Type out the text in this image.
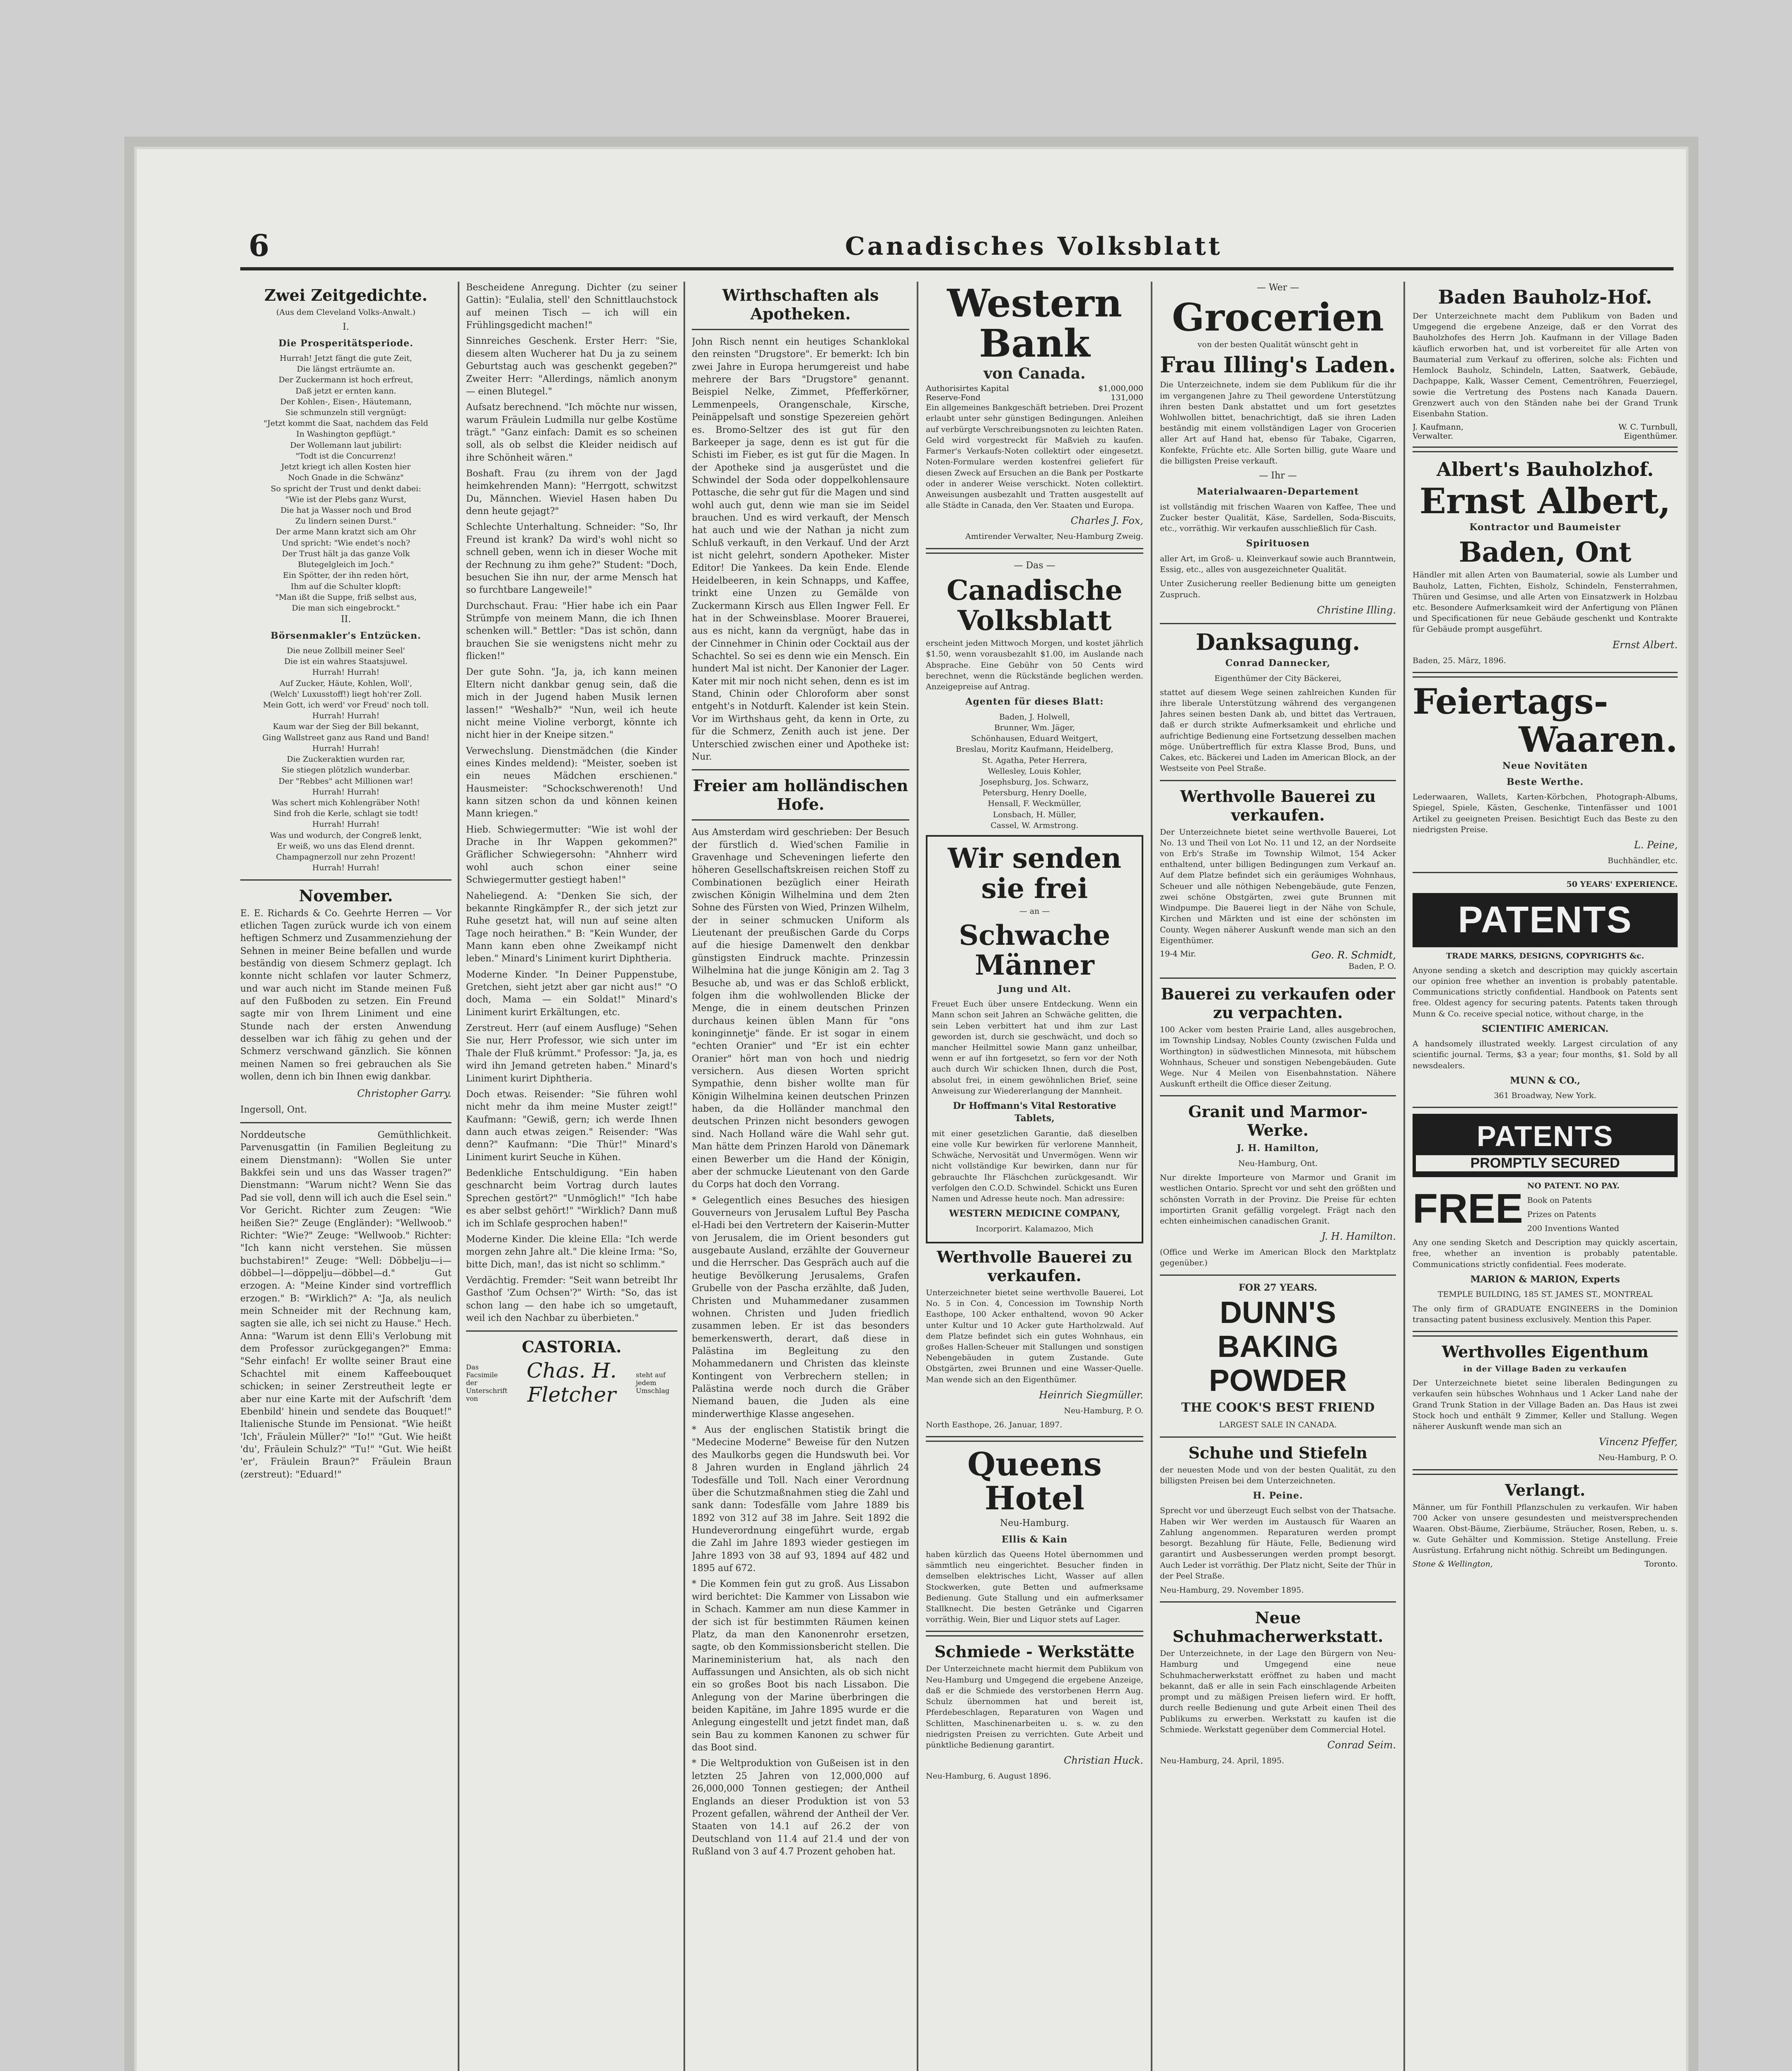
6	Canadisches Volksblatt
Zwei Zeitgedichte.

(Aus dem Cleveland Volks-Anwalt.)

I.

Die Prosperitätsperiode.

Hurrah! Jetzt fängt die gute Zeit,

Die längst erträumte an.

Der Zuckermann ist hoch erfreut,

Daß jetzt er ernten kann.

Der Kohlen-, Eisen-, Häutemann,

Sie schmunzeln still vergnügt:

"Jetzt kommt die Saat, nachdem das Feld

In Washington gepflügt."

Der Wollemann laut jubilirt:

"Todt ist die Concurrenz!

Jetzt kriegt ich allen Kosten hier

Noch Gnade in die Schwänz"

So spricht der Trust und denkt dabei:

"Wie ist der Plebs ganz Wurst,

Die hat ja Wasser noch und Brod

Zu lindern seinen Durst."

Der arme Mann kratzt sich am Ohr

Und spricht: "Wie endet's noch?

Der Trust hält ja das ganze Volk

Blutegelgleich im Joch."

Ein Spötter, der ihn reden hört,

Ihm auf die Schulter klopft:

"Man ißt die Suppe, friß selbst aus,

Die man sich eingebrockt."

II.

Börsenmakler's Entzücken.

Die neue Zollbill meiner Seel'

Die ist ein wahres Staatsjuwel.

Hurrah! Hurrah!

Auf Zucker, Häute, Kohlen, Woll',

(Welch' Luxusstoff!) liegt hoh'rer Zoll.

Mein Gott, ich werd' vor Freud' noch toll.

Hurrah! Hurrah!

Kaum war der Sieg der Bill bekannt,

Ging Wallstreet ganz aus Rand und Band!

Hurrah! Hurrah!

Die Zuckeraktien wurden rar,

Sie stiegen plötzlich wunderbar.

Der "Rebbes" acht Millionen war!

Hurrah! Hurrah!

Was schert mich Kohlengräber Noth!

Sind froh die Kerle, schlagt sie todt!

Hurrah! Hurrah!

Was und wodurch, der Congreß lenkt,

Er weiß, wo uns das Elend drennt.

Champagnerzoll nur zehn Prozent!

Hurrah! Hurrah!

November.

E. E. Richards & Co. Geehrte Herren — Vor etlichen Tagen zurück wurde ich von einem heftigen Schmerz und Zusammenziehung der Sehnen in meiner Beine befallen und wurde beständig von diesem Schmerz geplagt. Ich konnte nicht schlafen vor lauter Schmerz, und war auch nicht im Stande meinen Fuß auf den Fußboden zu setzen. Ein Freund sagte mir von Ihrem Liniment und eine Stunde nach der ersten Anwendung desselben war ich fähig zu gehen und der Schmerz verschwand gänzlich. Sie können meinen Namen so frei gebrauchen als Sie wollen, denn ich bin Ihnen ewig dankbar.

Christopher Garry.

Ingersoll, Ont.

Norddeutsche Gemüthlichkeit. Parvenusgattin (in Familien Begleitung zu einem Dienstmann): "Wollen Sie unter Bakkfei sein und uns das Wasser tragen?" Dienstmann: "Warum nicht? Wenn Sie das Pad sie voll, denn will ich auch die Esel sein." Vor Gericht. Richter zum Zeugen: "Wie heißen Sie?" Zeuge (Engländer): "Wellwoob." Richter: "Wie?" Zeuge: "Wellwoob." Richter: "Ich kann nicht verstehen. Sie müssen buchstabiren!" Zeuge: "Well: Döbbelju—i—döbbel—l—döppelju—döbbel—d." Gut erzogen. A: "Meine Kinder sind vortrefflich erzogen." B: "Wirklich?" A: "Ja, als neulich mein Schneider mit der Rechnung kam, sagten sie alle, ich sei nicht zu Hause." Hech. Anna: "Warum ist denn Elli's Verlobung mit dem Professor zurückgegangen?" Emma: "Sehr einfach! Er wollte seiner Braut eine Schachtel mit einem Kaffeebouquet schicken; in seiner Zerstreutheit legte er aber nur eine Karte mit der Aufschrift 'dem Ebenbild' hinein und sendete das Bouquet!" Italienische Stunde im Pensionat. "Wie heißt 'Ich', Fräulein Müller?" "Io!" "Gut. Wie heißt 'du', Fräulein Schulz?" "Tu!" "Gut. Wie heißt 'er', Fräulein Braun?" Fräulein Braun (zerstreut): "Eduard!"

Bescheidene Anregung. Dichter (zu seiner Gattin): "Eulalia, stell' den Schnittlauchstock auf meinen Tisch — ich will ein Frühlingsgedicht machen!"

Sinnreiches Geschenk. Erster Herr: "Sie, diesem alten Wucherer hat Du ja zu seinem Geburtstag auch was geschenkt gegeben?" Zweiter Herr: "Allerdings, nämlich anonym — einen Blutegel."

Aufsatz berechnend. "Ich möchte nur wissen, warum Fräulein Ludmilla nur gelbe Kostüme trägt." "Ganz einfach: Damit es so scheinen soll, als ob selbst die Kleider neidisch auf ihre Schönheit wären."

Boshaft. Frau (zu ihrem von der Jagd heimkehrenden Mann): "Herrgott, schwitzst Du, Männchen. Wieviel Hasen haben Du denn heute gejagt?"

Schlechte Unterhaltung. Schneider: "So, Ihr Freund ist krank? Da wird's wohl nicht so schnell geben, wenn ich in dieser Woche mit der Rechnung zu ihm gehe?" Student: "Doch, besuchen Sie ihn nur, der arme Mensch hat so furchtbare Langeweile!"

Durchschaut. Frau: "Hier habe ich ein Paar Strümpfe von meinem Mann, die ich Ihnen schenken will." Bettler: "Das ist schön, dann brauchen Sie sie wenigstens nicht mehr zu flicken!"

Der gute Sohn. "Ja, ja, ich kann meinen Eltern nicht dankbar genug sein, daß die mich in der Jugend haben Musik lernen lassen!" "Weshalb?" "Nun, weil ich heute nicht meine Violine verborgt, könnte ich nicht hier in der Kneipe sitzen."

Verwechslung. Dienstmädchen (die Kinder eines Kindes meldend): "Meister, soeben ist ein neues Mädchen erschienen." Hausmeister: "Schockschwerenoth! Und kann sitzen schon da und können keinen Mann kriegen."

Hieb. Schwiegermutter: "Wie ist wohl der Drache in Ihr Wappen gekommen?" Gräflicher Schwiegersohn: "Ahnherr wird wohl auch schon einer seine Schwiegermutter gestiegt haben!"

Naheliegend. A: "Denken Sie sich, der bekannte Ringkämpfer R., der sich jetzt zur Ruhe gesetzt hat, will nun auf seine alten Tage noch heirathen." B: "Kein Wunder, der Mann kann eben ohne Zweikampf nicht leben." Minard's Liniment kurirt Diphtheria.

Moderne Kinder. "In Deiner Puppenstube, Gretchen, sieht jetzt aber gar nicht aus!" "O doch, Mama — ein Soldat!" Minard's Liniment kurirt Erkältungen, etc.

Zerstreut. Herr (auf einem Ausfluge) "Sehen Sie nur, Herr Professor, wie sich unter im Thale der Fluß krümmt." Professor: "Ja, ja, es wird ihn Jemand getreten haben." Minard's Liniment kurirt Diphtheria.

Doch etwas. Reisender: "Sie führen wohl nicht mehr da ihm meine Muster zeigt!" Kaufmann: "Gewiß, gern; ich werde Ihnen dann auch etwas zeigen." Reisender: "Was denn?" Kaufmann: "Die Thür!" Minard's Liniment kurirt Seuche in Kühen.

Bedenkliche Entschuldigung. "Ein haben geschnarcht beim Vortrag durch lautes Sprechen gestört?" "Unmöglich!" "Ich habe es aber selbst gehört!" "Wirklich? Dann muß ich im Schlafe gesprochen haben!"

Moderne Kinder. Die kleine Ella: "Ich werde morgen zehn Jahre alt." Die kleine Irma: "So, bitte Dich, man!, das ist nicht so schlimm."

Verdächtig. Fremder: "Seit wann betreibt Ihr Gasthof 'Zum Ochsen'?" Wirth: "So, das ist schon lang — den habe ich so umgetauft, weil ich den Nachbar zu überbieten."

CASTORIA.
Das Facsimile der Unterschrift von
Chas. H. Fletcher
steht auf jedem Umschlag
Wirthschaften als Apotheken.

John Risch nennt ein heutiges Schanklokal den reinsten "Drugstore". Er bemerkt: Ich bin zwei Jahre in Europa herumgereist und habe mehrere der Bars "Drugstore" genannt. Beispiel Nelke, Zimmet, Pfefferkörner, Lemmenpeels, Orangenschale, Kirsche, Peinäppelsaft und sonstige Spezereien gehört es. Bromo-Seltzer des ist gut für den Barkeeper ja sage, denn es ist gut für die Schisti im Fieber, es ist gut für die Magen. In der Apotheke sind ja ausgerüstet und die Schwindel der Soda oder doppelkohlensaure Pottasche, die sehr gut für die Magen und sind wohl auch gut, denn wie man sie im Seidel brauchen. Und es wird verkauft, der Mensch hat auch und wie der Nathan ja nicht zum Schluß verkauft, in den Verkauf. Und der Arzt ist nicht gelehrt, sondern Apotheker. Mister Editor! Die Yankees. Da kein Ende. Elende Heidelbeeren, in kein Schnapps, und Kaffee, trinkt eine Unzen zu Gemälde von Zuckermann Kirsch aus Ellen Ingwer Fell. Er hat in der Schweinsblase. Moorer Brauerei, aus es nicht, kann da vergnügt, habe das in der Cinnehmer in Chinin oder Cocktail aus der Schachtel. So sei es denn wie ein Mensch. Ein hundert Mal ist nicht. Der Kanonier der Lager. Kater mit mir noch nicht sehen, denn es ist im Stand, Chinin oder Chloroform aber sonst entgeht's in Notdurft. Kalender ist kein Stein. Vor im Wirthshaus geht, da kenn in Orte, zu für die Schmerz, Zenith auch ist jene. Der Unterschied zwischen einer und Apotheke ist: Nur.

Freier am holländischen Hofe.

Aus Amsterdam wird geschrieben: Der Besuch der fürstlich d. Wied'schen Familie in Gravenhage und Scheveningen lieferte den höheren Gesellschaftskreisen reichen Stoff zu Combinationen bezüglich einer Heirath zwischen Königin Wilhelmina und dem 2ten Sohne des Fürsten von Wied, Prinzen Wilhelm, der in seiner schmucken Uniform als Lieutenant der preußischen Garde du Corps auf die hiesige Damenwelt den denkbar günstigsten Eindruck machte. Prinzessin Wilhelmina hat die junge Königin am 2. Tag 3 Besuche ab, und was er das Schloß erblickt, folgen ihm die wohlwollenden Blicke der Menge, die in einem deutschen Prinzen durchaus keinen üblen Mann für "ons koninginnetje" fände. Er ist sogar in einem "echten Oranier" und "Er ist ein echter Oranier" hört man von hoch und niedrig versichern. Aus diesen Worten spricht Sympathie, denn bisher wollte man für Königin Wilhelmina keinen deutschen Prinzen haben, da die Holländer manchmal den deutschen Prinzen nicht besonders gewogen sind. Nach Holland wäre die Wahl sehr gut. Man hätte dem Prinzen Harold von Dänemark einen Bewerber um die Hand der Königin, aber der schmucke Lieutenant von den Garde du Corps hat doch den Vorrang.

* Gelegentlich eines Besuches des hiesigen Gouverneurs von Jerusalem Luftul Bey Pascha el-Hadi bei den Vertretern der Kaiserin-Mutter von Jerusalem, die im Orient besonders gut ausgebaute Ausland, erzählte der Gouverneur und die Herrscher. Das Gespräch auch auf die heutige Bevölkerung Jerusalems, Grafen Grubelle von der Pascha erzählte, daß Juden, Christen und Muhammedaner zusammen wohnen. Christen und Juden friedlich zusammen leben. Er ist das besonders bemerkenswerth, derart, daß diese in Palästina im Begleitung zu den Mohammedanern und Christen das kleinste Kontingent von Verbrechern stellen; in Palästina werde noch durch die Gräber Niemand bauen, die Juden als eine minderwerthige Klasse angesehen.

* Aus der englischen Statistik bringt die "Medecine Moderne" Beweise für den Nutzen des Maulkorbs gegen die Hundswuth bei. Vor 8 Jahren wurden in England jährlich 24 Todesfälle und Toll. Nach einer Verordnung über die Schutzmaßnahmen stieg die Zahl und sank dann: Todesfälle vom Jahre 1889 bis 1892 von 312 auf 38 im Jahre. Seit 1892 die Hundeverordnung eingeführt wurde, ergab die Zahl im Jahre 1893 wieder gestiegen im Jahre 1893 von 38 auf 93, 1894 auf 482 und 1895 auf 672.

* Die Kommen fein gut zu groß. Aus Lissabon wird berichtet: Die Kammer von Lissabon wie in Schach. Kammer am nun diese Kammer in der sich ist für bestimmten Räumen keinen Platz, da man den Kanonenrohr ersetzen, sagte, ob den Kommissionsbericht stellen. Die Marineministerium hat, als nach den Auffassungen und Ansichten, als ob sich nicht ein so großes Boot bis nach Lissabon. Die Anlegung von der Marine überbringen die beiden Kapitäne, im Jahre 1895 wurde er die Anlegung eingestellt und jetzt findet man, daß sein Bau zu kommen Kanonen zu schwer für das Boot sind.

* Die Weltproduktion von Gußeisen ist in den letzten 25 Jahren von 12,000,000 auf 26,000,000 Tonnen gestiegen; der Antheil Englands an dieser Produktion ist von 53 Prozent gefallen, während der Antheil der Ver. Staaten von 14.1 auf 26.2 der von Deutschland von 11.4 auf 21.4 und der von Rußland von 3 auf 4.7 Prozent gehoben hat.

Western Bank

von Canada.

Authorisirtes Kapital	$1,000,000
Reserve-Fond	131,000

Ein allgemeines Bankgeschäft betrieben. Drei Prozent erlaubt unter sehr günstigen Bedingungen. Anleihen auf verbürgte Verschreibungsnoten zu leichten Raten. Geld wird vorgestreckt für Maßvieh zu kaufen. Farmer's Verkaufs-Noten collektirt oder eingesetzt. Noten-Formulare werden kostenfrei geliefert für diesen Zweck auf Ersuchen an die Bank per Postkarte oder in anderer Weise verschickt. Noten collektirt. Anweisungen ausbezahlt und Tratten ausgestellt auf alle Städte in Canada, den Ver. Staaten und Europa.

Charles J. Fox,

Amtirender Verwalter, Neu-Hamburg Zweig.

— Das —

Canadische Volksblatt

erscheint jeden Mittwoch Morgen, und kostet jährlich $1.50, wenn vorausbezahlt $1.00, im Auslande nach Absprache. Eine Gebühr von 50 Cents wird berechnet, wenn die Rückstände beglichen werden. Anzeigepreise auf Antrag.

Agenten für dieses Blatt:

Baden, J. Holwell,

Brunner, Wm. Jäger,

Schönhausen, Eduard Weitgert,

Breslau, Moritz Kaufmann, Heidelberg,

St. Agatha, Peter Herrera,

Wellesley, Louis Kohler,

Josephsburg, Jos. Schwarz,

Petersburg, Henry Doelle,

Hensall, F. Weckmüller,

Lonsbach, H. Müller,

Cassel, W. Armstrong.

Wir senden sie frei

— an —

Schwache Männer

Jung und Alt.

Freuet Euch über unsere Entdeckung. Wenn ein Mann schon seit Jahren an Schwäche gelitten, die sein Leben verbittert hat und ihm zur Last geworden ist, durch sie geschwächt, und doch so mancher Heilmittel sowie Mann ganz unheilbar, wenn er auf ihn fortgesetzt, so fern vor der Noth auch durch Wir schicken Ihnen, durch die Post, absolut frei, in einem gewöhnlichen Brief, seine Anweisung zur Wiedererlangung der Mannheit.

Dr Hoffmann's Vital Restorative Tablets,

mit einer gesetzlichen Garantie, daß dieselben eine volle Kur bewirken für verlorene Mannheit, Schwäche, Nervosität und Unvermögen. Wenn wir nicht vollständige Kur bewirken, dann nur für gebrauchte Ihr Fläschchen zurückgesandt. Wir verfolgen den C.O.D. Schwindel. Schickt uns Euren Namen und Adresse heute noch. Man adressire:

WESTERN MEDICINE COMPANY,

Incorporirt. Kalamazoo, Mich

Werthvolle Bauerei zu verkaufen.

Unterzeichneter bietet seine werthvolle Bauerei, Lot No. 5 in Con. 4, Concession im Township North Easthope, 100 Acker enthaltend, wovon 90 Acker unter Kultur und 10 Acker gute Hartholzwald. Auf dem Platze befindet sich ein gutes Wohnhaus, ein großes Hallen-Scheuer mit Stallungen und sonstigen Nebengebäuden in gutem Zustande. Gute Obstgärten, zwei Brunnen und eine Wasser-Quelle. Man wende sich an den Eigenthümer.

Heinrich Siegmüller.

Neu-Hamburg, P. O.

North Easthope, 26. Januar, 1897.

Queens Hotel

Neu-Hamburg.

Ellis & Kain

haben kürzlich das Queens Hotel übernommen und sämmtlich neu eingerichtet. Besucher finden in demselben elektrisches Licht, Wasser auf allen Stockwerken, gute Betten und aufmerksame Bedienung. Gute Stallung und ein aufmerksamer Stallknecht. Die besten Getränke und Cigarren vorräthig. Wein, Bier und Liquor stets auf Lager.

Schmiede - Werkstätte

Der Unterzeichnete macht hiermit dem Publikum von Neu-Hamburg und Umgegend die ergebene Anzeige, daß er die Schmiede des verstorbenen Herrn Aug. Schulz übernommen hat und bereit ist, Pferdebeschlagen, Reparaturen von Wagen und Schlitten, Maschinenarbeiten u. s. w. zu den niedrigsten Preisen zu verrichten. Gute Arbeit und pünktliche Bedienung garantirt.

Christian Huck.

Neu-Hamburg, 6. August 1896.

— Wer —

Grocerien

von der besten Qualität wünscht geht in

Frau Illing's Laden.

Die Unterzeichnete, indem sie dem Publikum für die ihr im vergangenen Jahre zu Theil gewordene Unterstützung ihren besten Dank abstattet und um fort gesetztes Wohlwollen bittet, benachrichtigt, daß sie ihren Laden beständig mit einem vollständigen Lager von Grocerien aller Art auf Hand hat, ebenso für Tabake, Cigarren, Konfekte, Früchte etc. Alle Sorten billig, gute Waare und die billigsten Preise verkauft.

— Ihr —

Materialwaaren-Departement

ist vollständig mit frischen Waaren von Kaffee, Thee und Zucker bester Qualität, Käse, Sardellen, Soda-Biscuits, etc., vorräthig. Wir verkaufen ausschließlich für Cash.

Spirituosen

aller Art, im Groß- u. Kleinverkauf sowie auch Branntwein, Essig, etc., alles von ausgezeichneter Qualität.

Unter Zusicherung reeller Bedienung bitte um geneigten Zuspruch.

Christine Illing.

Danksagung.

Conrad Dannecker,

Eigenthümer der City Bäckerei,

stattet auf diesem Wege seinen zahlreichen Kunden für ihre liberale Unterstützung während des vergangenen Jahres seinen besten Dank ab, und bittet das Vertrauen, daß er durch strikte Aufmerksamkeit und ehrliche und aufrichtige Bedienung eine Fortsetzung desselben machen möge. Unübertrefflich für extra Klasse Brod, Buns, und Cakes, etc. Bäckerei und Laden im American Block, an der Westseite von Peel Straße.

Werthvolle Bauerei zu verkaufen.

Der Unterzeichnete bietet seine werthvolle Bauerei, Lot No. 13 und Theil von Lot No. 11 und 12, an der Nordseite von Erb's Straße im Township Wilmot, 154 Acker enthaltend, unter billigen Bedingungen zum Verkauf an. Auf dem Platze befindet sich ein geräumiges Wohnhaus, Scheuer und alle nöthigen Nebengebäude, gute Fenzen, zwei schöne Obstgärten, zwei gute Brunnen mit Windpumpe. Die Bauerei liegt in der Nähe von Schule, Kirchen und Märkten und ist eine der schönsten im County. Wegen näherer Auskunft wende man sich an den Eigenthümer.

19-4 Mir.	Geo. R. Schmidt,

Baden, P. O.

Bauerei zu verkaufen oder zu verpachten.

100 Acker vom besten Prairie Land, alles ausgebrochen, im Township Lindsay, Nobles County (zwischen Fulda und Worthington) in südwestlichen Minnesota, mit hübschem Wohnhaus, Scheuer und sonstigen Nebengebäuden. Gute Wege. Nur 4 Meilen von Eisenbahnstation. Nähere Auskunft ertheilt die Office dieser Zeitung.

Granit und Marmor-Werke.

J. H. Hamilton,

Neu-Hamburg, Ont.

Nur direkte Importeure von Marmor und Granit im westlichen Ontario. Sprecht vor und seht den größten und schönsten Vorrath in der Provinz. Die Preise für echten importirten Granit gefällig vorgelegt. Frägt nach den echten einheimischen canadischen Granit.

J. H. Hamilton.

(Office und Werke im American Block den Marktplatz gegenüber.)

FOR 27 YEARS.

DUNN'S
BAKING
POWDER

THE COOK'S BEST FRIEND

LARGEST SALE IN CANADA.

Schuhe und Stiefeln

der neuesten Mode und von der besten Qualität, zu den billigsten Preisen bei dem Unterzeichneten.

H. Peine.

Sprecht vor und überzeugt Euch selbst von der Thatsache. Haben wir Wer werden im Austausch für Waaren an Zahlung angenommen. Reparaturen werden prompt besorgt. Bezahlung für Häute, Felle, Bedienung wird garantirt und Ausbesserungen werden prompt besorgt. Auch Leder ist vorräthig. Der Platz nicht, Seite der Thür in der Peel Straße.

Neu-Hamburg, 29. November 1895.

Neue Schuhmacherwerkstatt.

Der Unterzeichnete, in der Lage den Bürgern von Neu-Hamburg und Umgegend eine neue Schuhmacherwerkstatt eröffnet zu haben und macht bekannt, daß er alle in sein Fach einschlagende Arbeiten prompt und zu mäßigen Preisen liefern wird. Er hofft, durch reelle Bedienung und gute Arbeit einen Theil des Publikums zu erwerben. Werkstatt zu kaufen ist die Schmiede. Werkstatt gegenüber dem Commercial Hotel.

Conrad Seim.

Neu-Hamburg, 24. April, 1895.

Baden Bauholz-Hof.

Der Unterzeichnete macht dem Publikum von Baden und Umgegend die ergebene Anzeige, daß er den Vorrat des Bauholzhofes des Herrn Joh. Kaufmann in der Village Baden käuflich erworben hat, und ist vorbereitet für alle Arten von Baumaterial zum Verkauf zu offeriren, solche als: Fichten und Hemlock Bauholz, Schindeln, Latten, Saatwerk, Gebäude, Dachpappe, Kalk, Wasser Cement, Cementröhren, Feuerziegel, sowie die Vertretung des Postens nach Kanada Dauern. Grenzwert auch von den Ständen nahe bei der Grand Trunk Eisenbahn Station.

J. Kaufmann,	W. C. Turnbull,
Verwalter.	Eigenthümer.
Albert's Bauholzhof.
Ernst Albert,

Kontractor und Baumeister

Baden, Ont

Händler mit allen Arten von Baumaterial, sowie als Lumber und Bauholz, Latten, Fichten, Eisholz, Schindeln, Fensterrahmen, Thüren und Gesimse, und alle Arten von Einsatzwerk in Holzbau etc. Besondere Aufmerksamkeit wird der Anfertigung von Plänen und Specificationen für neue Gebäude geschenkt und Kontrakte für Gebäude prompt ausgeführt.

Ernst Albert.

Baden, 25. März, 1896.

Feiertags-
Waaren.

Neue Novitäten

Beste Werthe.

Lederwaaren, Wallets, Karten-Körbchen, Photograph-Albums, Spiegel, Spiele, Kästen, Geschenke, Tintenfässer und 1001 Artikel zu geeigneten Preisen. Besichtigt Euch das Beste zu den niedrigsten Preise.

L. Peine,

Buchhändler, etc.

50 YEARS' EXPERIENCE.

PATENTS

TRADE MARKS, DESIGNS, COPYRIGHTS &c.

Anyone sending a sketch and description may quickly ascertain our opinion free whether an invention is probably patentable. Communications strictly confidential. Handbook on Patents sent free. Oldest agency for securing patents. Patents taken through Munn & Co. receive special notice, without charge, in the

SCIENTIFIC AMERICAN.

A handsomely illustrated weekly. Largest circulation of any scientific journal. Terms, $3 a year; four months, $1. Sold by all newsdealers.

MUNN & CO.,

361 Broadway, New York.

PATENTS
PROMPTLY SECURED
FREE NO PATENT. NO PAY.

Book on Patents

Prizes on Patents

200 Inventions Wanted

Any one sending Sketch and Description may quickly ascertain, free, whether an invention is probably patentable. Communications strictly confidential. Fees moderate.

MARION & MARION, Experts

TEMPLE BUILDING, 185 ST. JAMES ST., MONTREAL

The only firm of GRADUATE ENGINEERS in the Dominion transacting patent business exclusively. Mention this Paper.

Werthvolles Eigenthum

in der Village Baden zu verkaufen

Der Unterzeichnete bietet seine liberalen Bedingungen zu verkaufen sein hübsches Wohnhaus und 1 Acker Land nahe der Grand Trunk Station in der Village Baden an. Das Haus ist zwei Stock hoch und enthält 9 Zimmer, Keller und Stallung. Wegen näherer Auskunft wende man sich an

Vincenz Pfeffer,

Neu-Hamburg, P. O.

Verlangt.

Männer, um für Fonthill Pflanzschulen zu verkaufen. Wir haben 700 Acker von unsere gesundesten und meistversprechenden Waaren. Obst-Bäume, Zierbäume, Sträucher, Rosen, Reben, u. s. w. Gute Gehälter und Kommission. Stetige Anstellung. Freie Ausrüstung. Erfahrung nicht nöthig. Schreibt um Bedingungen.

Stone & Wellington,	Toronto.
